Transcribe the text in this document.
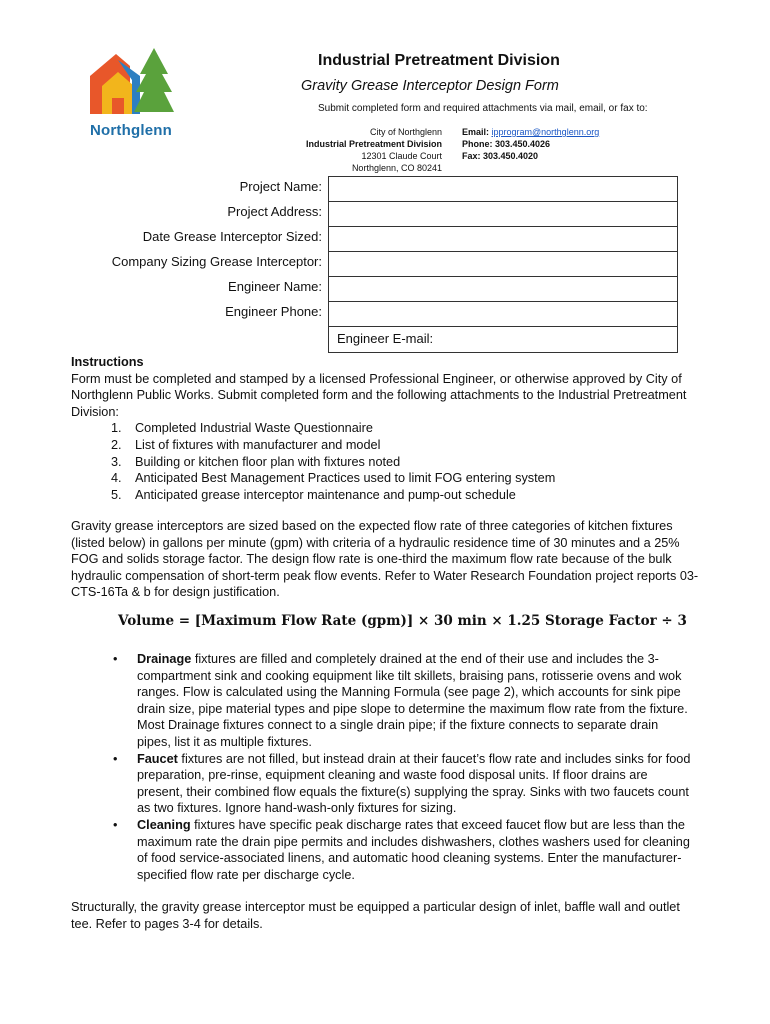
Northglenn
Industrial Pretreatment Division
Gravity Grease Interceptor Design Form
Submit completed form and required attachments via mail, email, or fax to:
City of Northglenn
Industrial Pretreatment Division
12301 Claude Court
Northglenn, CO 80241
Email: ipprogram@northglenn.org
Phone: 303.450.4026
Fax: 303.450.4020
Project Name:
Project Address:
Date Grease Interceptor Sized:
Company Sizing Grease Interceptor:
Engineer Name:
Engineer Phone:
Engineer E-mail:
Instructions
Form must be completed and stamped by a licensed Professional Engineer, or otherwise approved by City of Northglenn Public Works. Submit completed form and the following attachments to the Industrial Pretreatment Division:
1.	Completed Industrial Waste Questionnaire
2.	List of fixtures with manufacturer and model
3.	Building or kitchen floor plan with fixtures noted
4.	Anticipated Best Management Practices used to limit FOG entering system
5.	Anticipated grease interceptor maintenance and pump-out schedule
Gravity grease interceptors are sized based on the expected flow rate of three categories of kitchen fixtures (listed below) in gallons per minute (gpm) with criteria of a hydraulic residence time of 30 minutes and a 25% FOG and solids storage factor. The design flow rate is one-third the maximum flow rate because of the bulk hydraulic compensation of short-term peak flow events. Refer to Water Research Foundation project reports 03-CTS-16Ta & b for design justification.
Volume = [Maximum Flow Rate (gpm)] × 30 min × 1.25 Storage Factor ÷ 3
• Drainage fixtures are filled and completely drained at the end of their use and includes the 3-compartment sink and cooking equipment like tilt skillets, braising pans, rotisserie ovens and wok ranges. Flow is calculated using the Manning Formula (see page 2), which accounts for sink pipe drain size, pipe material types and pipe slope to determine the maximum flow rate from the fixture. Most Drainage fixtures connect to a single drain pipe; if the fixture connects to separate drain pipes, list it as multiple fixtures.
• Faucet fixtures are not filled, but instead drain at their faucet’s flow rate and includes sinks for food preparation, pre-rinse, equipment cleaning and waste food disposal units. If floor drains are present, their combined flow equals the fixture(s) supplying the spray. Sinks with two faucets count as two fixtures. Ignore hand-wash-only fixtures for sizing.
• Cleaning fixtures have specific peak discharge rates that exceed faucet flow but are less than the maximum rate the drain pipe permits and includes dishwashers, clothes washers used for cleaning of food service-associated linens, and automatic hood cleaning systems. Enter the manufacturer-specified flow rate per discharge cycle.
Structurally, the gravity grease interceptor must be equipped a particular design of inlet, baffle wall and outlet tee. Refer to pages 3-4 for details.
